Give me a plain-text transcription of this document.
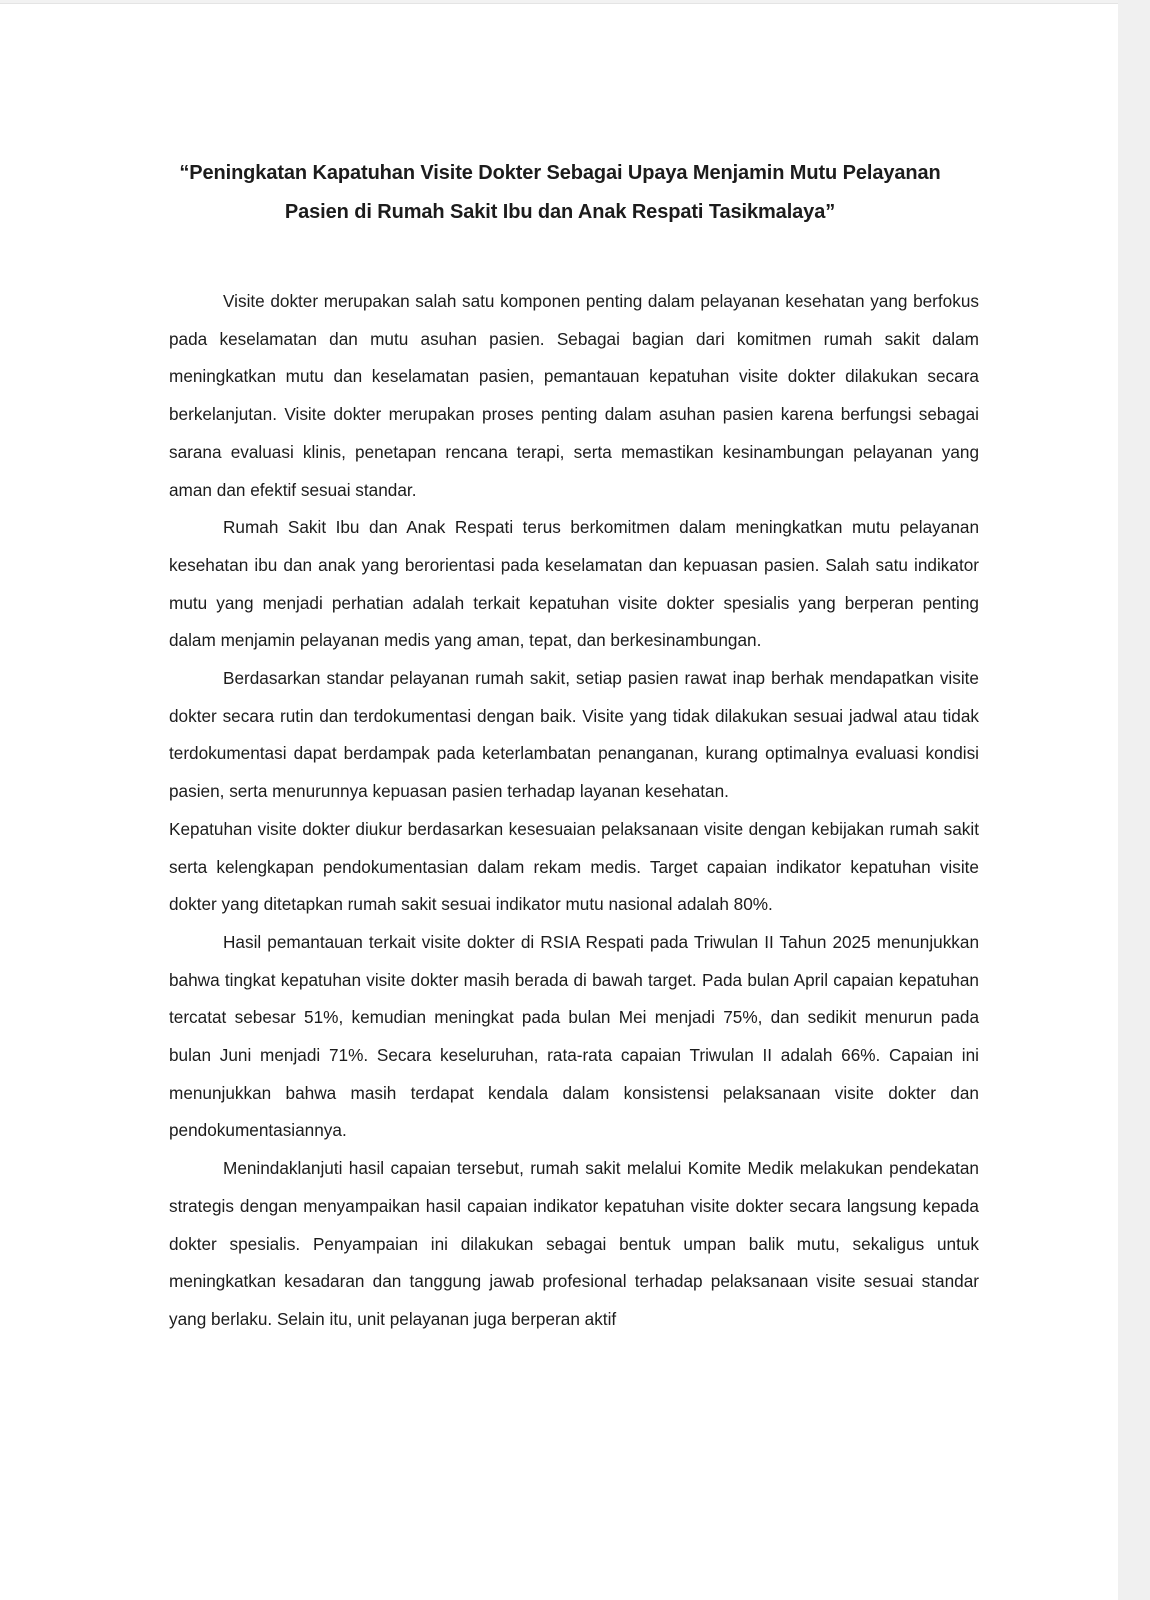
“Peningkatan Kapatuhan Visite Dokter Sebagai Upaya Menjamin Mutu Pelayanan
Pasien di Rumah Sakit Ibu dan Anak Respati Tasikmalaya”

Visite dokter merupakan salah satu komponen penting dalam pelayanan kesehatan yang berfokus pada keselamatan dan mutu asuhan pasien. Sebagai bagian dari komitmen rumah sakit dalam meningkatkan mutu dan keselamatan pasien, pemantauan kepatuhan visite dokter dilakukan secara berkelanjutan. Visite dokter merupakan proses penting dalam asuhan pasien karena berfungsi sebagai sarana evaluasi klinis, penetapan rencana terapi, serta memastikan kesinambungan pelayanan yang aman dan efektif sesuai standar.

Rumah Sakit Ibu dan Anak Respati terus berkomitmen dalam meningkatkan mutu pelayanan kesehatan ibu dan anak yang berorientasi pada keselamatan dan kepuasan pasien. Salah satu indikator mutu yang menjadi perhatian adalah terkait kepatuhan visite dokter spesialis yang berperan penting dalam menjamin pelayanan medis yang aman, tepat, dan berkesinambungan.

Berdasarkan standar pelayanan rumah sakit, setiap pasien rawat inap berhak mendapatkan visite dokter secara rutin dan terdokumentasi dengan baik. Visite yang tidak dilakukan sesuai jadwal atau tidak terdokumentasi dapat berdampak pada keterlambatan penanganan, kurang optimalnya evaluasi kondisi pasien, serta menurunnya kepuasan pasien terhadap layanan kesehatan.

Kepatuhan visite dokter diukur berdasarkan kesesuaian pelaksanaan visite dengan kebijakan rumah sakit serta kelengkapan pendokumentasian dalam rekam medis. Target capaian indikator kepatuhan visite dokter yang ditetapkan rumah sakit sesuai indikator mutu nasional adalah 80%.

Hasil pemantauan terkait visite dokter di RSIA Respati pada Triwulan II Tahun 2025 menunjukkan bahwa tingkat kepatuhan visite dokter masih berada di bawah target. Pada bulan April capaian kepatuhan tercatat sebesar 51%, kemudian meningkat pada bulan Mei menjadi 75%, dan sedikit menurun pada bulan Juni menjadi 71%. Secara keseluruhan, rata-rata capaian Triwulan II adalah 66%. Capaian ini menunjukkan bahwa masih terdapat kendala dalam konsistensi pelaksanaan visite dokter dan pendokumentasiannya.

Menindaklanjuti hasil capaian tersebut, rumah sakit melalui Komite Medik melakukan pendekatan strategis dengan menyampaikan hasil capaian indikator kepatuhan visite dokter secara langsung kepada dokter spesialis. Penyampaian ini dilakukan sebagai bentuk umpan balik mutu, sekaligus untuk meningkatkan kesadaran dan tanggung jawab profesional terhadap pelaksanaan visite sesuai standar yang berlaku. Selain itu, unit pelayanan juga berperan aktif
